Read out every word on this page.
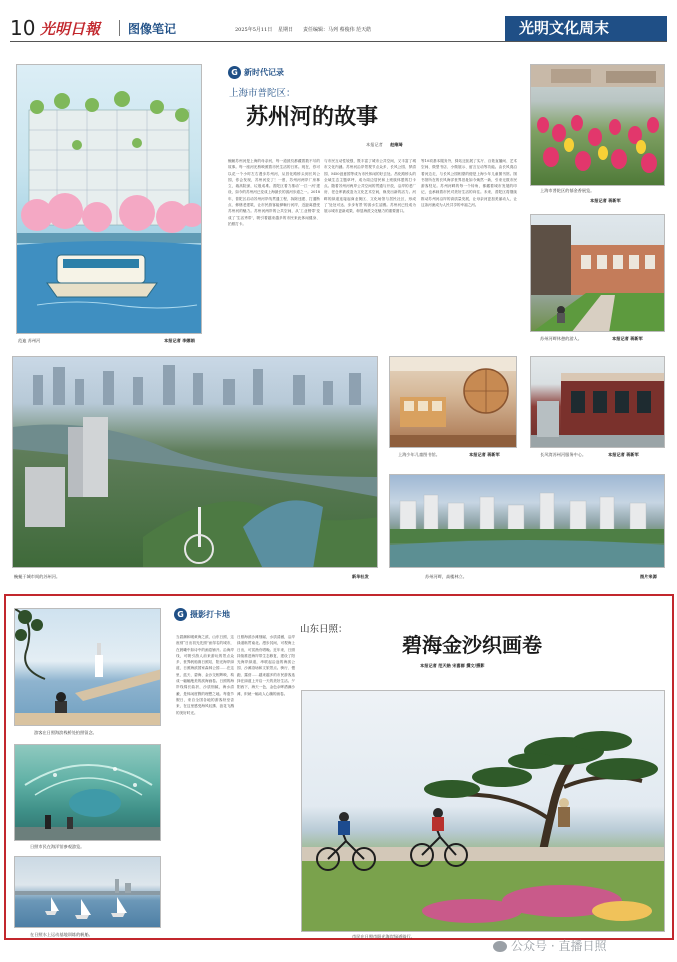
10 光明日報 图像笔记	2025年5月11日 星期日 责任编辑：马列 蔡俊伟 范天皓	光明文化周末
范迪 苏州河	本报记者 李娜娟
G 新时代记录
上海市普陀区：
苏州河的故事
本报记者 赵维琦
蜿蜒苏州河是上海的母亲河，每一道波纹都藏着数不尽的故事。每一座河光桥映照着市民生活的日常。现在，你可以花一个小时左右漫步苏州河，从昌化路桥头到长风公园，你会发现，苏州河变了！一度，苏州河两岸厂房林立，墙高院深，垃圾成堆。普陀区着力推动‘一江一河’建设，如今的苏州河已变成上海最长的滨河步道之一。2018年，普陀区启动苏州河岸线贯通工程，拆除违建、打通断点、修缮老建筑，让市民游客能够畅行河岸，近距离感受苏州河的魅力。苏州河两岸的公共空间，从‘工业锈带’变成了‘生活秀带’，吸引着越来越多的市民来此休闲健身、拍照打卡。
与市民互动性较强，既丰富了城市公共空间，又丰富了城市文化内涵。苏州河沿岸景观节点众多，长风公园、梦清园、M50创意园等成为市民休闲的好去处。昌化路桥头的全域生态主题草坪，成为周边居民和上班族休憩的打卡点。随着苏州河两岸公共空间的贯通与开放，沿岸的老厂房、老仓库被改造为文化艺术空间，焕发出新的活力。河畔的绿道连接起商业街区、文化场馆与居民社区，形成了‘处处可达、步步有景’的滨水生活圈。苏州河已经成为展示城市更新成果、彰显海派文化魅力的重要窗口。
等10项基本服务外，驿站还拓展了实厅、百姓直播间、艺术空间、微型书店、小微展示、留言互动等功能。由长风湾沿着河边走，与长风公园相望的便是上海少年儿童图书馆。图书馆所在的长风海洋世界旧址如今焕然一新，引来无数市民游客驻足。苏州河畔的每一个转角，都藏着城市发展的印记，也承载着市民对美好生活的向往。未来，普陀区将继续推动苏州河沿岸的高质量发展，让母亲河更加美丽动人，让这条河流成为人民共享的幸福之河。
上海市普陀区的郁金香展览。
本报记者 蒋新军
苏州河畔休憩的游人。	本报记者 蒋新军
蜿蜒于城市间的苏州河。	新华社发
上海少年儿童图书馆。	本报记者 蒋新军	长风湾苏州河服务中心。	本报记者 蒋新军
苏州河畔，高楼林立。	图片来源
游客在日照海滨栈桥处拍照留念。
日照市民在海洋馆参观游览。
在日照水上运动基地训练的帆船。
G 摄影打卡地
当碧潮和暖黄海之滨，山东日照，这座别“日出初光先照”而得名的城市，在晨曦中如诗中的画卷铺开。沿海岸线，可吸引游人前来游玩的景点众多，世界帆船赛日照站，阳光海岸绿道，日照海滨国家森林公园……在这里，蓝天、碧海、金沙交相辉映，构成一幅幅绝美的滨海画卷。日照的海岸线绵长曲折，沙质细腻，海水清澈，是休闲度假的理想之地。每逢节假日，来自全国各地的游客纷至沓来，在这里感受海风轻拂、浪花飞溅的美好时光。
日照海滨沙滩细腻，水质清澈，沿岸绿道纵贯南北。漫步其间，可观海上日出，可赏渔舟唱晚。近年来，日照持续推进海岸带生态修复，建设了阳光海岸绿道，串联起沿途的海滨公园、沙滩浴场和文旅景点。骑行、慢跑、露营……越来越多的市民游客选择在绿道上开启一天的美好生活。夕阳西下，海天一色，金色余晖洒满沙滩，织就一幅动人心魄的画卷。
山东日照：
碧海金沙织画卷
本报记者 范天皓 宋喜群 撰文/摄影
市民在日照市阳光海岸绿道骑行。
公众号 · 直播日照
